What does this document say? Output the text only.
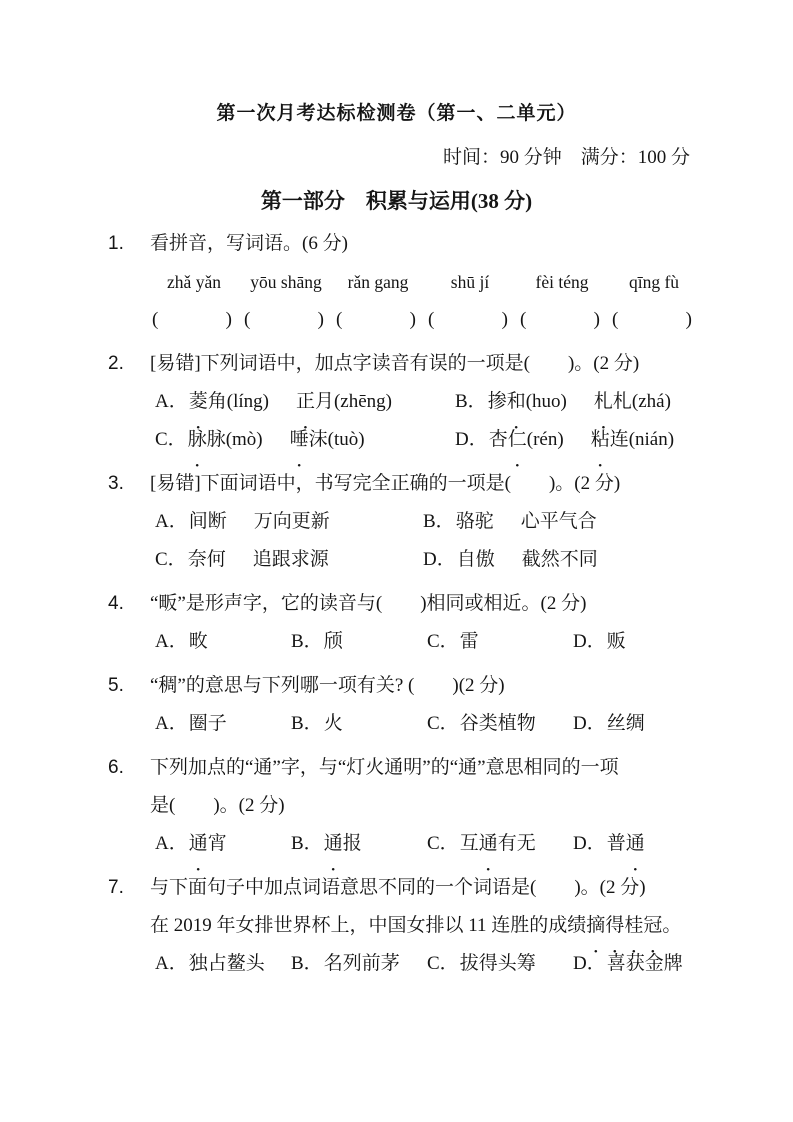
第一次月考达标检测卷（第一、二单元）
时间：90 分钟　满分：100 分
第一部分　积累与运用(38 分)
1.	看拼音，写词语。(6 分)
zhǎ yǎn	yōu shāng	rǎn gang	shū jí	fèi téng	qīng fù
(	) (	) (	) (	) (	) (	)
2.	[易错]下列词语中，加点字读音有误的一项是(　　)。(2 分)
A． 菱角(líng) 正月(zhēng)	B． 掺和(huo) 札札(zhá)
C． 脉脉(mò) 唾沫(tuò)	D． 杏仁(rén) 粘连(nián)
3.	[易错]下面词语中，书写完全正确的一项是(　　)。(2 分)
A． 间断 万向更新	B． 骆驼 心平气合
C． 奈何 追跟求源	D． 自傲 截然不同
4.	“畈”是形声字，它的读音与(　　)相同或相近。(2 分)
A．畋	B．颀	C．雷	D．贩
5.	“稠”的意思与下列哪一项有关? (　　)(2 分)
A．圈子	B．火	C．谷类植物	D．丝绸
6.	下列加点的“通”字，与“灯火通明”的“通”意思相同的一项
是(　　)。(2 分)
A．通宵	B．通报	C．互通有无	D．普通
7.	与下面句子中加点词语意思不同的一个词语是(　　)。(2 分)
在 2019 年女排世界杯上，中国女排以 11 连胜的成绩摘得桂冠。
A．独占鳌头	B．名列前茅	C．拔得头筹	D．喜获金牌
